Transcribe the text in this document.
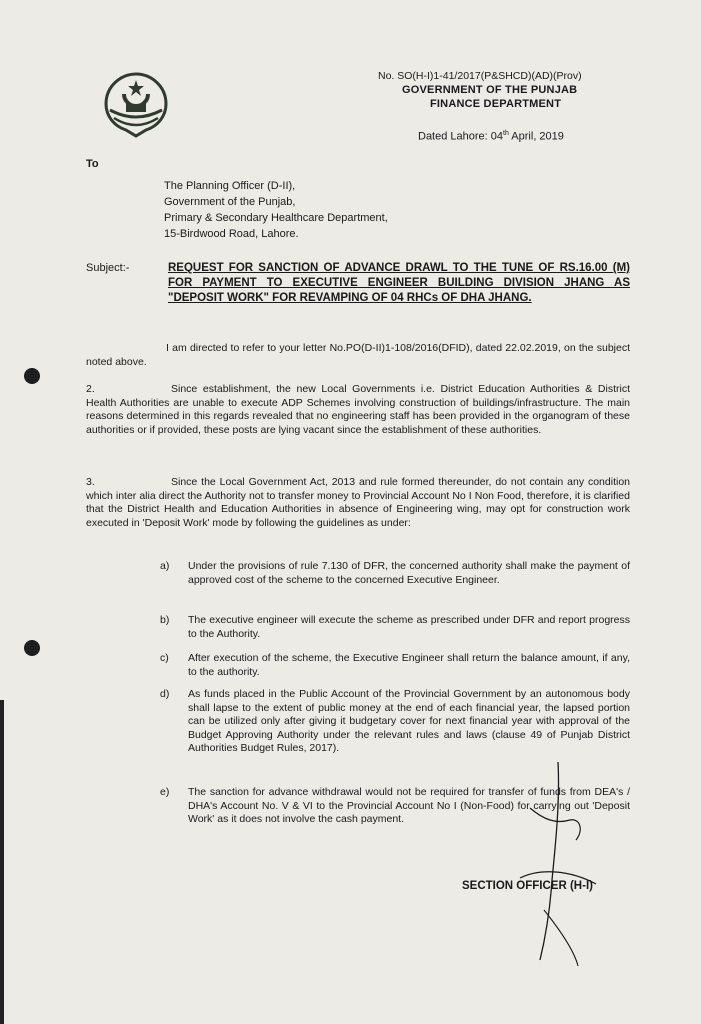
No. SO(H-I)1-41/2017(P&SHCD)(AD)(Prov)
GOVERNMENT OF THE PUNJAB
FINANCE DEPARTMENT
Dated Lahore: 04th April, 2019
To
The Planning Officer (D-II),
Government of the Punjab,
Primary & Secondary Healthcare Department,
15-Birdwood Road, Lahore.
Subject:-	REQUEST FOR SANCTION OF ADVANCE DRAWL TO THE TUNE OF RS.16.00 (M) FOR PAYMENT TO EXECUTIVE ENGINEER BUILDING DIVISION JHANG AS "DEPOSIT WORK" FOR REVAMPING OF 04 RHCs OF DHA JHANG.
I am directed to refer to your letter No.PO(D-II)1-108/2016(DFID), dated 22.02.2019, on the subject noted above.
2.	Since establishment, the new Local Governments i.e. District Education Authorities & District Health Authorities are unable to execute ADP Schemes involving construction of buildings/infrastructure. The main reasons determined in this regards revealed that no engineering staff has been provided in the organogram of these authorities or if provided, these posts are lying vacant since the establishment of these authorities.
3.	Since the Local Government Act, 2013 and rule formed thereunder, do not contain any condition which inter alia direct the Authority not to transfer money to Provincial Account No I Non Food, therefore, it is clarified that the District Health and Education Authorities in absence of Engineering wing, may opt for construction work executed in 'Deposit Work' mode by following the guidelines as under:
a)	Under the provisions of rule 7.130 of DFR, the concerned authority shall make the payment of approved cost of the scheme to the concerned Executive Engineer.
b)	The executive engineer will execute the scheme as prescribed under DFR and report progress to the Authority.
c)	After execution of the scheme, the Executive Engineer shall return the balance amount, if any, to the authority.
d)	As funds placed in the Public Account of the Provincial Government by an autonomous body shall lapse to the extent of public money at the end of each financial year, the lapsed portion can be utilized only after giving it budgetary cover for next financial year with approval of the Budget Approving Authority under the relevant rules and laws (clause 49 of Punjab District Authorities Budget Rules, 2017).
e)	The sanction for advance withdrawal would not be required for transfer of funds from DEA's / DHA's Account No. V & VI to the Provincial Account No I (Non-Food) for carrying out 'Deposit Work' as it does not involve the cash payment.
SECTION OFFICER (H-I)
